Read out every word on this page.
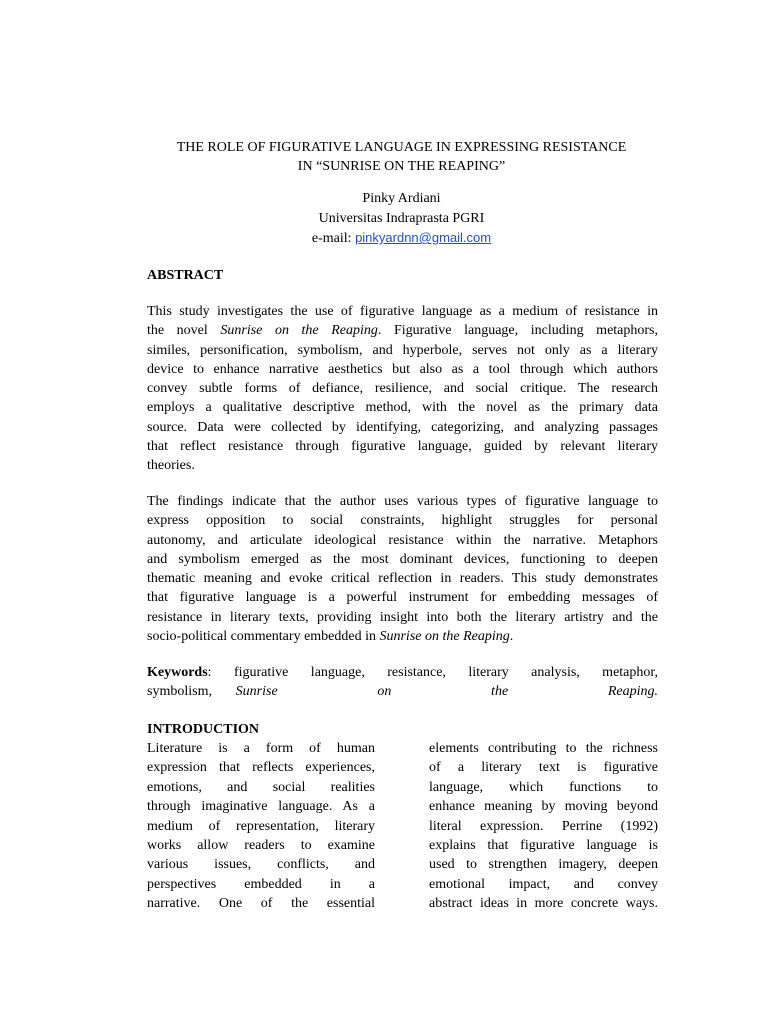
THE ROLE OF FIGURATIVE LANGUAGE IN EXPRESSING RESISTANCE
IN “SUNRISE ON THE REAPING”
Pinky Ardiani
Universitas Indraprasta PGRI
e-mail: pinkyardnn@gmail.com
ABSTRACT
This study investigates the use of figurative language as a medium of resistance in
the novel Sunrise on the Reaping. Figurative language, including metaphors,
similes, personification, symbolism, and hyperbole, serves not only as a literary
device to enhance narrative aesthetics but also as a tool through which authors
convey subtle forms of defiance, resilience, and social critique. The research
employs a qualitative descriptive method, with the novel as the primary data
source. Data were collected by identifying, categorizing, and analyzing passages
that reflect resistance through figurative language, guided by relevant literary
theories.
The findings indicate that the author uses various types of figurative language to
express opposition to social constraints, highlight struggles for personal
autonomy, and articulate ideological resistance within the narrative. Metaphors
and symbolism emerged as the most dominant devices, functioning to deepen
thematic meaning and evoke critical reflection in readers. This study demonstrates
that figurative language is a powerful instrument for embedding messages of
resistance in literary texts, providing insight into both the literary artistry and the
socio-political commentary embedded in Sunrise on the Reaping.
Keywords: figurative language, resistance, literary analysis, metaphor,
symbolism, Sunrise on the Reaping.
INTRODUCTION
Literature is a form of human
expression that reflects experiences,
emotions, and social realities
through imaginative language. As a
medium of representation, literary
works allow readers to examine
various issues, conflicts, and
perspectives embedded in a
narrative. One of the essential
elements contributing to the richness
of a literary text is figurative
language, which functions to
enhance meaning by moving beyond
literal expression. Perrine (1992)
explains that figurative language is
used to strengthen imagery, deepen
emotional impact, and convey
abstract ideas in more concrete ways.
